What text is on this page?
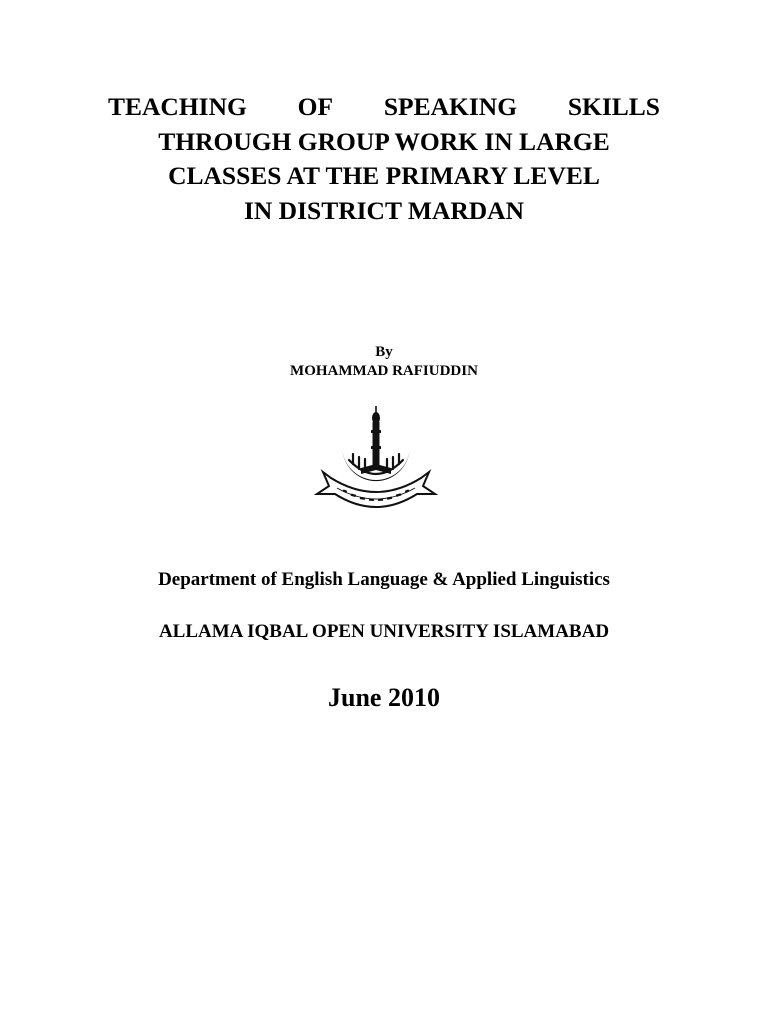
TEACHING OF SPEAKING SKILLS
THROUGH GROUP WORK IN LARGE
CLASSES AT THE PRIMARY LEVEL
IN DISTRICT MARDAN
By
MOHAMMAD RAFIUDDIN
Department of English Language & Applied Linguistics
ALLAMA IQBAL OPEN UNIVERSITY ISLAMABAD
June 2010
